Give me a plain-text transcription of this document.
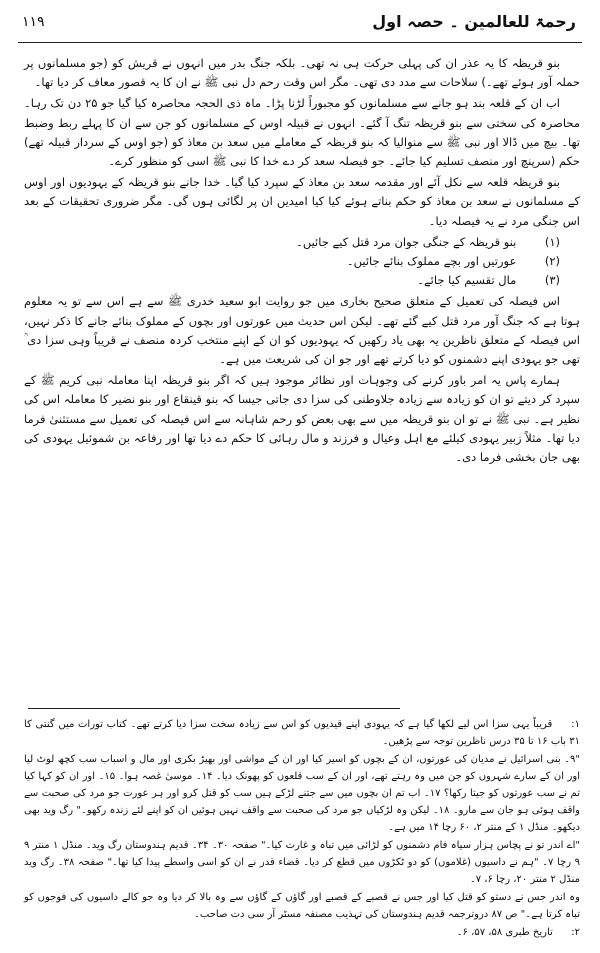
رحمۃ للعالمین ۔ حصہ اول
۱۱۹

بنو قریظہ کا یہ عذر ان کی پہلی حرکت ہی نہ تھی۔ بلکہ جنگ بدر میں انہوں نے قریش کو (جو مسلمانوں پر حملہ آور ہوئے تھے۔) سلاحات سے مدد دی تھی۔ مگر اس وقت رحم دل نبی ﷺ نے ان کا یہ قصور معاف کر دیا تھا۔

اب ان کے قلعہ بند ہو جانے سے مسلمانوں کو مجبوراً لڑنا پڑا۔ ماہ ذی الحجہ محاصرہ کیا گیا جو ۲۵ دن تک رہا۔ محاصرہ کی سختی سے بنو قریظہ تنگ آ گئے۔ انہوں نے قبیلہ اوس کے مسلمانوں کو جن سے ان کا پہلے ربط وضبط تھا۔ بیچ میں ڈالا اور نبی ﷺ سے منوالیا کہ بنو قریظہ کے معاملے میں سعد بن معاذ کو (جو اوس کے سردار قبیلہ تھے) حکم (سرپنچ اور منصف تسلیم کیا جائے۔ جو فیصلہ سعد کر دے خدا کا نبی ﷺ اسی کو منظور کرے۔

بنو قریظہ قلعہ سے نکل آئے اور مقدمہ سعد بن معاذ کے سپرد کیا گیا۔ خدا جانے بنو قریظہ کے یہودیوں اور اوس کے مسلمانوں نے سعد بن معاذ کو حکم بناتے ہوئے کیا کیا امیدیں ان پر لگائی ہوں گی۔ مگر ضروری تحقیقات کے بعد اس جنگی مرد نے یہ فیصلہ دیا۔

(۱) بنو قریظہ کے جنگی جوان مرد قتل کیے جائیں۔
(۲) عورتیں اور بچے مملوک بنائے جائیں۔
(۳) مال تقسیم کیا جائے۔

اس فیصلہ کی تعمیل کے متعلق صحیح بخاری میں جو روایت ابو سعید خدری ﷺ سے ہے اس سے تو یہ معلوم ہوتا ہے کہ جنگ آور مرد قتل کیے گئے تھے۔ لیکن اس حدیث میں عورتوں اور بچوں کے مملوک بنائے جانے کا ذکر نہیں، اس فیصلہ کے متعلق ناظرین یہ بھی یاد رکھیں کہ یہودیوں کو ان کے اپنے منتخب کردہ منصف نے قریباً وہی سزا دی ؒ تھی جو یہودی اپنے دشمنوں کو دیا کرتے تھے اور جو ان کی شریعت میں ہے۔

ہمارے پاس یہ امر باور کرنے کی وجوہات اور نظائر موجود ہیں کہ اگر بنو قریظہ اپنا معاملہ نبی کریم ﷺ کے سپرد کر دیتے تو ان کو زیادہ سے زیادہ جلاوطنی کی سزا دی جاتی جیسا کہ بنو قینقاع اور بنو نضیر کا معاملہ اس کی نظیر ہے۔ نبی ﷺ نے تو ان بنو قریظہ میں سے بھی بعض کو رحم شاہانہ سے اس فیصلہ کی تعمیل سے مستثنیٰ فرما دیا تھا۔ مثلاً زبیر یہودی کیلئے مع اہل وعیال و فرزند و مال رہائی کا حکم دے دیا تھا اور رفاعہ بن شموئیل یہودی کی بھی جان بخشی فرما دی۔

۱: قریباً یہی سزا اس لیے لکھا گیا ہے کہ یہودی اپنے قیدیوں کو اس سے زیادہ سخت سزا دیا کرتے تھے۔ کتاب تورات میں گنتی کا ۳۱ باب ۱۶ تا ۳۵ درس ناظرین توجہ سے پڑھیں۔

"۹۔ بنی اسرائیل نے مدیان کی عورتوں، ان کے بچوں کو اسیر کیا اور ان کے مواشی اور بھیڑ بکری اور مال و اسباب سب کچھ لوٹ لیا اور ان کے سارے شہروں کو جن میں وہ رہتے تھے، اور ان کے سب قلعوں کو پھونک دیا۔ ۱۴۔ موسیٰ غصہ ہوا۔ ۱۵۔ اور ان کو کہا کیا تم نے سب عورتوں کو جیتا رکھا؟ ۱۷۔ اب تم ان بچوں میں سے جتنے لڑکے ہیں سب کو قتل کرو اور ہر عورت جو مرد کی صحبت سے واقف ہوئی ہو جان سے مارو۔ ۱۸۔ لیکن وہ لڑکیاں جو مرد کی صحبت سے واقف نہیں ہوئیں ان کو اپنے لئے زندہ رکھو۔" رگ وید بھی دیکھو۔ منڈل ۱ کے منتر ۲، ۶۰ رچا ۱۴ میں ہے۔

"اے اندر تو نے پچاس ہزار سیاہ فام دشمنوں کو لڑائی میں تباہ و غارت کیا۔" صفحہ ۳۰۔ ۳۴۔ قدیم ہندوستان رگ وید۔ منڈل ۱ منتر ۹ ۹ رچا ۷۔ "ہم نے داسیوں (غلاموں) کو دو ٹکڑوں میں قطع کر دیا۔ قضاء قدر نے ان کو اسی واسطے پیدا کیا تھا۔" صفحہ ۳۸۔ رگ وید منڈل ۲ منتر ۲۰، رچا ۶، ۷۔

وہ اندر جس نے دستو کو قتل کیا اور جس نے قصبے کے قصبے اور گاؤں کے گاؤں سے وہ بالا کر دیا وہ جو کالے داسیوں کی فوجوں کو تباہ کرتا ہے۔" ص ۸۷ دروترجمہ قدیم ہندوستان کی تہذیب مصنفہ مسٹر آر سی دت صاحب۔

۲: تاریخ طبری ۵۸، ۵۷، ۶۔
